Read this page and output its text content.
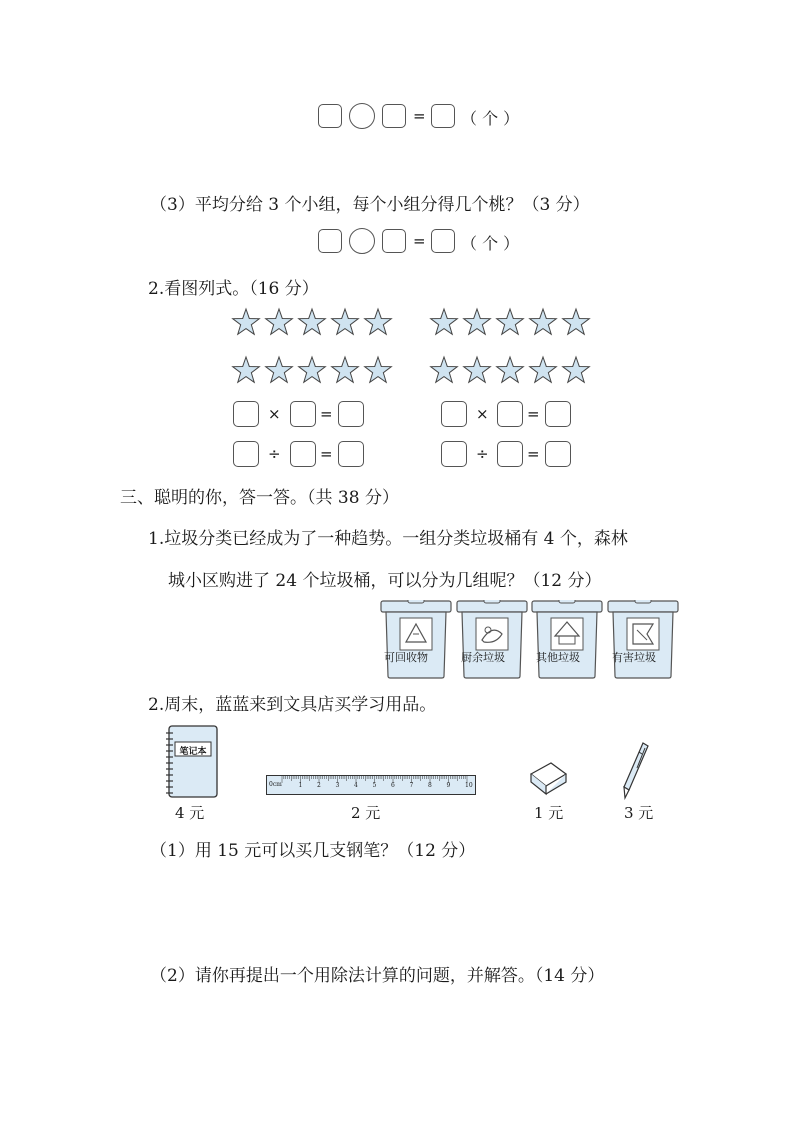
= （ 个 ）
（3）平均分给 3 个小组，每个小组分得几个桃？（3 分）
= （ 个 ）
2.看图列式。（16 分）
×	=	×	=
÷	=	÷	=
三、聪明的你，答一答。（共 38 分）
1.垃圾分类已经成为了一种趋势。一组分类垃圾桶有 4 个，森林
城小区购进了 24 个垃圾桶，可以分为几组呢？（12 分）
可回收物	厨余垃圾	其他垃圾	有害垃圾
2.周末，蓝蓝来到文具店买学习用品。
笔记本
4 元
0cm	1 2 3 4 5 6 7 8 9 10
2 元	1 元	3 元
（1）用 15 元可以买几支钢笔？（12 分）
（2）请你再提出一个用除法计算的问题，并解答。（14 分）
